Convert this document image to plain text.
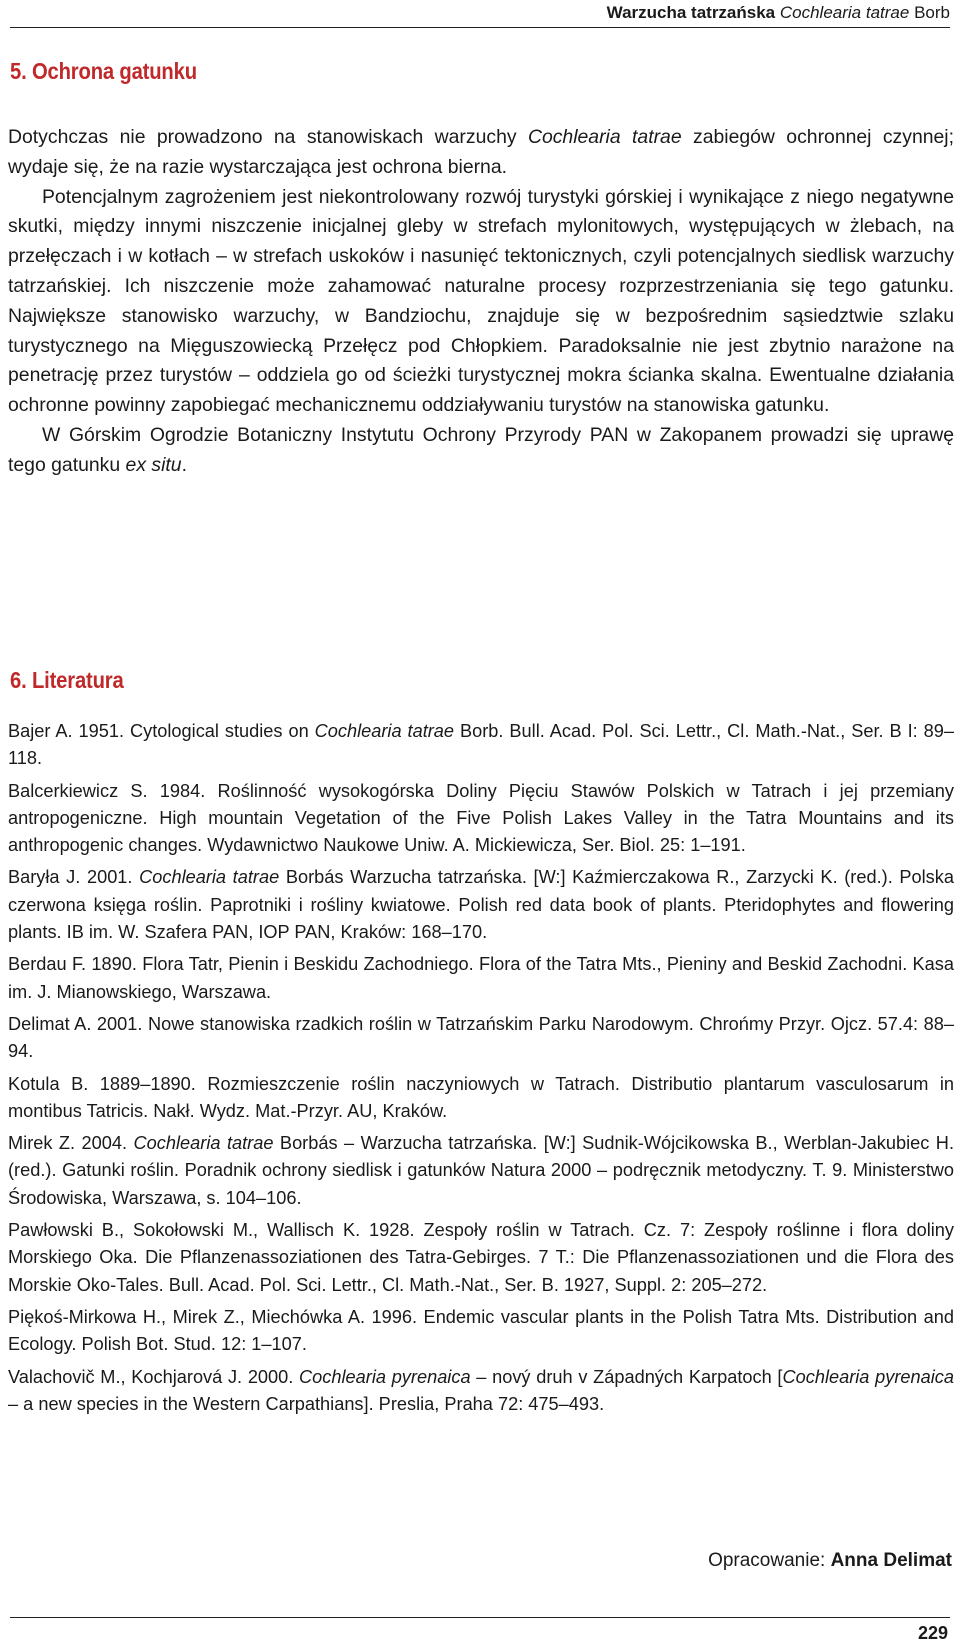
Warzucha tatrzańska Cochlearia tatrae Borb
5. Ochrona gatunku

Dotychczas nie prowadzono na stanowiskach warzuchy Cochlearia tatrae zabiegów ochronnej czynnej; wydaje się, że na razie wystarczająca jest ochrona bierna.

Potencjalnym zagrożeniem jest niekontrolowany rozwój turystyki górskiej i wynikające z niego negatywne skutki, między innymi niszczenie inicjalnej gleby w strefach mylonitowych, występujących w żlebach, na przełęczach i w kotłach – w strefach uskoków i nasunięć tektonicznych, czyli potencjalnych siedlisk warzuchy tatrzańskiej. Ich niszczenie może zahamować naturalne procesy rozprzestrzeniania się tego gatunku. Największe stanowisko warzuchy, w Bandziochu, znajduje się w bezpośrednim sąsiedztwie szlaku turystycznego na Mięguszowiecką Przełęcz pod Chłopkiem. Paradoksalnie nie jest zbytnio narażone na penetrację przez turystów – oddziela go od ścieżki turystycznej mokra ścianka skalna. Ewentualne działania ochronne powinny zapobiegać mechanicznemu oddziaływaniu turystów na stanowiska gatunku.

W Górskim Ogrodzie Botaniczny Instytutu Ochrony Przyrody PAN w Zakopanem prowadzi się uprawę tego gatunku ex situ.

6. Literatura

Bajer A. 1951. Cytological studies on Cochlearia tatrae Borb. Bull. Acad. Pol. Sci. Lettr., Cl. Math.-Nat., Ser. B I: 89–118.

Balcerkiewicz S. 1984. Roślinność wysokogórska Doliny Pięciu Stawów Polskich w Tatrach i jej przemiany antropogeniczne. High mountain Vegetation of the Five Polish Lakes Valley in the Tatra Mountains and its anthropogenic changes. Wydawnictwo Naukowe Uniw. A. Mickiewicza, Ser. Biol. 25: 1–191.

Baryła J. 2001. Cochlearia tatrae Borbás Warzucha tatrzańska. [W:] Kaźmierczakowa R., Zarzycki K. (red.). Polska czerwona księga roślin. Paprotniki i rośliny kwiatowe. Polish red data book of plants. Pteridophytes and flowering plants. IB im. W. Szafera PAN, IOP PAN, Kraków: 168–170.

Berdau F. 1890. Flora Tatr, Pienin i Beskidu Zachodniego. Flora of the Tatra Mts., Pieniny and Beskid Zachodni. Kasa im. J. Mianowskiego, Warszawa.

Delimat A. 2001. Nowe stanowiska rzadkich roślin w Tatrzańskim Parku Narodowym. Chrońmy Przyr. Ojcz. 57.4: 88–94.

Kotula B. 1889–1890. Rozmieszczenie roślin naczyniowych w Tatrach. Distributio plantarum vasculosarum in montibus Tatricis. Nakł. Wydz. Mat.-Przyr. AU, Kraków.

Mirek Z. 2004. Cochlearia tatrae Borbás – Warzucha tatrzańska. [W:] Sudnik-Wójcikowska B., Werblan-Jakubiec H. (red.). Gatunki roślin. Poradnik ochrony siedlisk i gatunków Natura 2000 – podręcznik metodyczny. T. 9. Ministerstwo Środowiska, Warszawa, s. 104–106.

Pawłowski B., Sokołowski M., Wallisch K. 1928. Zespoły roślin w Tatrach. Cz. 7: Zespoły roślinne i flora doliny Morskiego Oka. Die Pflanzenassoziationen des Tatra-Gebirges. 7 T.: Die Pflanzenassoziationen und die Flora des Morskie Oko-Tales. Bull. Acad. Pol. Sci. Lettr., Cl. Math.-Nat., Ser. B. 1927, Suppl. 2: 205–272.

Piękoś-Mirkowa H., Mirek Z., Miechówka A. 1996. Endemic vascular plants in the Polish Tatra Mts. Distribution and Ecology. Polish Bot. Stud. 12: 1–107.

Valachovič M., Kochjarová J. 2000. Cochlearia pyrenaica – nový druh v Západných Karpatoch [Cochlearia pyrenaica – a new species in the Western Carpathians]. Preslia, Praha 72: 475–493.

Opracowanie: Anna Delimat
229
